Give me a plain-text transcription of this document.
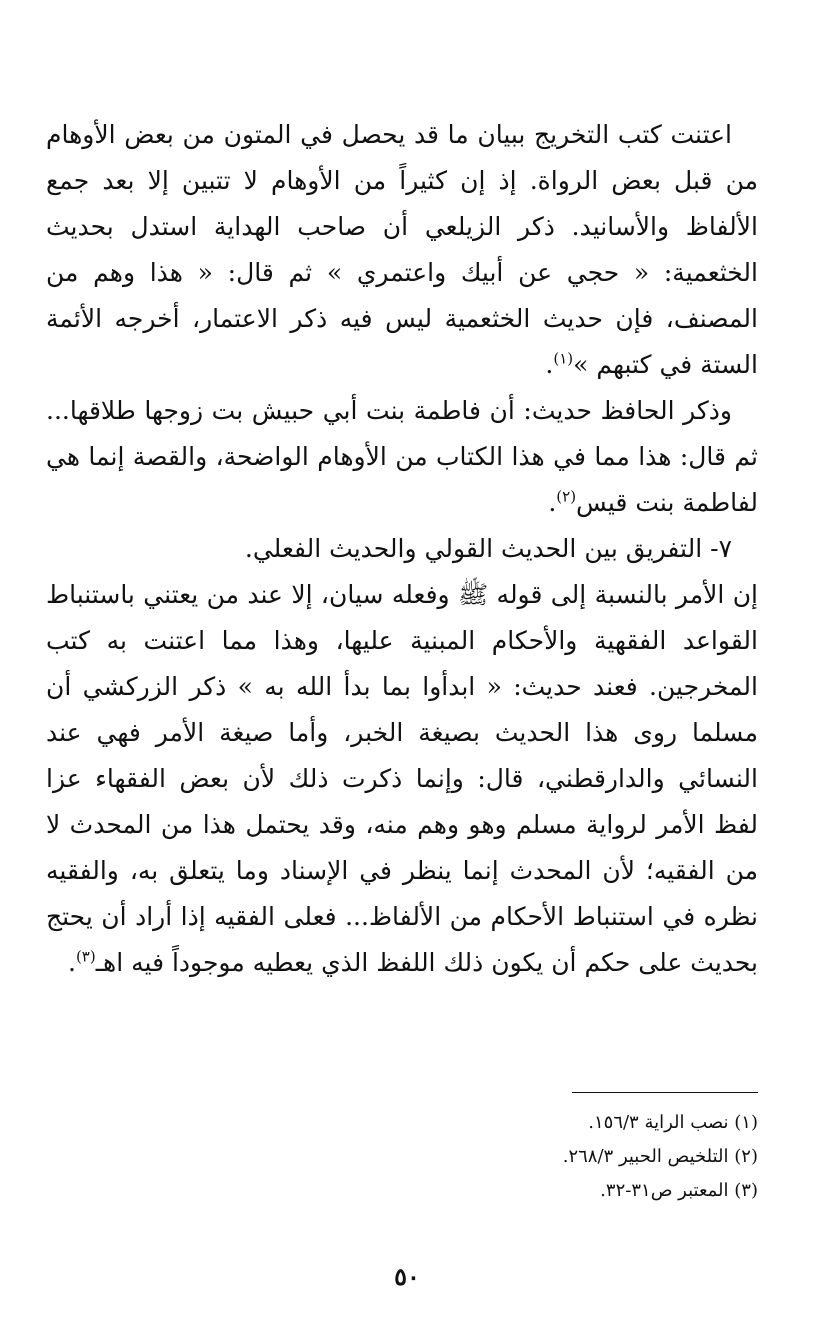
اعتنت كتب التخريج ببيان ما قد يحصل في المتون من بعض الأوهام من قبل بعض الرواة. إذ إن كثيراً من الأوهام لا تتبين إلا بعد جمع الألفاظ والأسانيد. ذكر الزيلعي أن صاحب الهداية استدل بحديث الخثعمية: « حجي عن أبيك واعتمري » ثم قال: « هذا وهم من المصنف، فإن حديث الخثعمية ليس فيه ذكر الاعتمار، أخرجه الأئمة الستة في كتبهم »$^{(١)}$.

وذكر الحافظ حديث: أن فاطمة بنت أبي حبيش بت زوجها طلاقها... ثم قال: هذا مما في هذا الكتاب من الأوهام الواضحة، والقصة إنما هي لفاطمة بنت قيس$^{(٢)}$.

٧- التفريق بين الحديث القولي والحديث الفعلي.

إن الأمر بالنسبة إلى قوله ﷺ وفعله سيان، إلا عند من يعتني باستنباط القواعد الفقهية والأحكام المبنية عليها، وهذا مما اعتنت به كتب المخرجين. فعند حديث: « ابدأوا بما بدأ الله به » ذكر الزركشي أن مسلما روى هذا الحديث بصيغة الخبر، وأما صيغة الأمر فهي عند النسائي والدارقطني، قال: وإنما ذكرت ذلك لأن بعض الفقهاء عزا لفظ الأمر لرواية مسلم وهو وهم منه، وقد يحتمل هذا من المحدث لا من الفقيه؛ لأن المحدث إنما ينظر في الإسناد وما يتعلق به، والفقيه نظره في استنباط الأحكام من الألفاظ... فعلى الفقيه إذا أراد أن يحتج بحديث على حكم أن يكون ذلك اللفظ الذي يعطيه موجوداً فيه اهـ$^{(٣)}$.

(١) نصب الراية ١٥٦/٣.

(٢) التلخيص الحبير ٢٦٨/٣.

(٣) المعتبر ص٣١-٣٢.

٥٠
